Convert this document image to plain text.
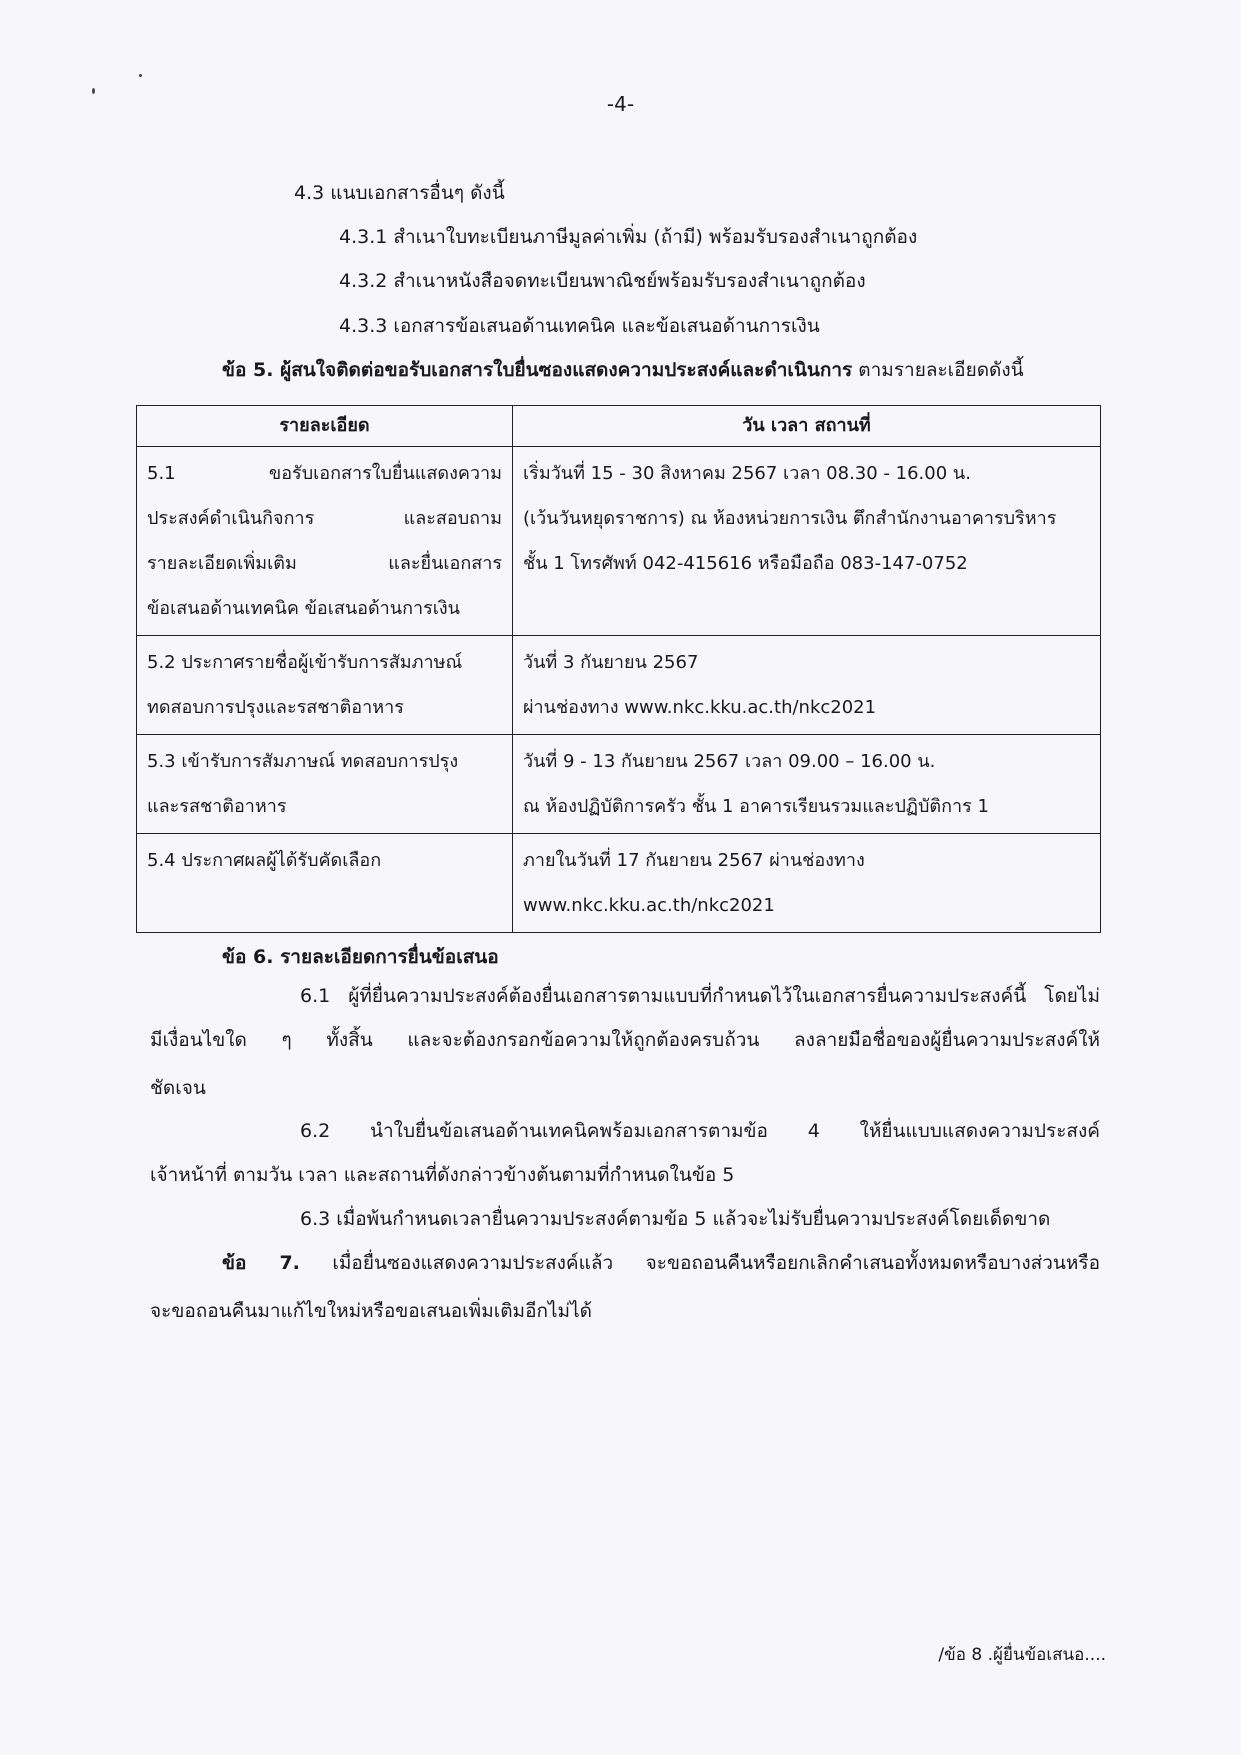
-4-
4.3 แนบเอกสารอื่นๆ ดังนี้
4.3.1 สำเนาใบทะเบียนภาษีมูลค่าเพิ่ม (ถ้ามี) พร้อมรับรองสำเนาถูกต้อง
4.3.2 สำเนาหนังสือจดทะเบียนพาณิชย์พร้อมรับรองสำเนาถูกต้อง
4.3.3 เอกสารข้อเสนอด้านเทคนิค และข้อเสนอด้านการเงิน
ข้อ 5. ผู้สนใจติดต่อขอรับเอกสารใบยื่นซองแสดงความประสงค์และดำเนินการ ตามรายละเอียดดังนี้
รายละเอียด	วัน เวลา สถานที่

5.1 ขอรับเอกสารใบยื่นแสดงความ
ประสงค์ดำเนินกิจการ และสอบถาม
รายละเอียดเพิ่มเติม และยื่นเอกสาร
ข้อเสนอด้านเทคนิค ข้อเสนอด้านการเงิน	เริ่มวันที่ 15 - 30 สิงหาคม 2567 เวลา 08.30 - 16.00 น.
(เว้นวันหยุดราชการ) ณ ห้องหน่วยการเงิน ตึกสำนักงานอาคารบริหาร
ชั้น 1 โทรศัพท์ 042-415616 หรือมือถือ 083-147-0752

5.2 ประกาศรายชื่อผู้เข้ารับการสัมภาษณ์
ทดสอบการปรุงและรสชาติอาหาร	วันที่ 3 กันยายน 2567
ผ่านช่องทาง www.nkc.kku.ac.th/nkc2021

5.3 เข้ารับการสัมภาษณ์ ทดสอบการปรุง
และรสชาติอาหาร	วันที่ 9 - 13 กันยายน 2567 เวลา 09.00 – 16.00 น.
ณ ห้องปฏิบัติการครัว ชั้น 1 อาคารเรียนรวมและปฏิบัติการ 1

5.4 ประกาศผลผู้ได้รับคัดเลือก	ภายในวันที่ 17 กันยายน 2567 ผ่านช่องทาง
www.nkc.kku.ac.th/nkc2021
ข้อ 6. รายละเอียดการยื่นข้อเสนอ
6.1 ผู้ที่ยื่นความประสงค์ต้องยื่นเอกสารตามแบบที่กำหนดไว้ในเอกสารยื่นความประสงค์นี้ โดยไม่
มีเงื่อนไขใด ๆ ทั้งสิ้น และจะต้องกรอกข้อความให้ถูกต้องครบถ้วน ลงลายมือชื่อของผู้ยื่นความประสงค์ให้
ชัดเจน
6.2 นำใบยื่นข้อเสนอด้านเทคนิคพร้อมเอกสารตามข้อ 4 ให้ยื่นแบบแสดงความประสงค์
เจ้าหน้าที่ ตามวัน เวลา และสถานที่ดังกล่าวข้างต้นตามที่กำหนดในข้อ 5
6.3 เมื่อพ้นกำหนดเวลายื่นความประสงค์ตามข้อ 5 แล้วจะไม่รับยื่นความประสงค์โดยเด็ดขาด
ข้อ 7. เมื่อยื่นซองแสดงความประสงค์แล้ว จะขอถอนคืนหรือยกเลิกคำเสนอทั้งหมดหรือบางส่วนหรือ
จะขอถอนคืนมาแก้ไขใหม่หรือขอเสนอเพิ่มเติมอีกไม่ได้
/ข้อ 8 .ผู้ยื่นข้อเสนอ....
